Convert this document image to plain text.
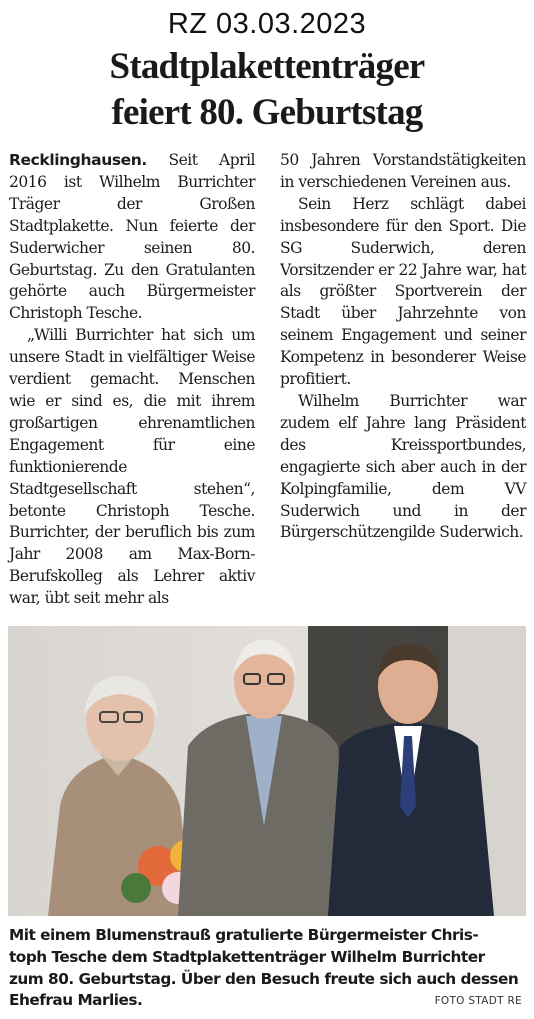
RZ 03.03.2023
Stadtplakettenträger
feiert 80. Geburtstag

Recklinghausen. Seit April 2016 ist Wilhelm Burrichter Träger der Großen Stadtplakette. Nun feierte der Suderwicher seinen 80. Geburtstag. Zu den Gratulanten gehörte auch Bürgermeister Christoph Tesche.

„Willi Burrichter hat sich um unsere Stadt in vielfältiger Weise verdient gemacht. Menschen wie er sind es, die mit ihrem großartigen ehrenamtlichen Engagement für eine funktionierende Stadtgesellschaft stehen“, betonte Christoph Tesche. Burrichter, der beruflich bis zum Jahr 2008 am Max-Born-Berufskolleg als Lehrer aktiv war, übt seit mehr als

50 Jahren Vorstandstätigkeiten in verschiedenen Vereinen aus.

Sein Herz schlägt dabei insbesondere für den Sport. Die SG Suderwich, deren Vorsitzender er 22 Jahre war, hat als größter Sportverein der Stadt über Jahrzehnte von seinem Engagement und seiner Kompetenz in besonderer Weise profitiert.

Wilhelm Burrichter war zudem elf Jahre lang Präsident des Kreissportbundes, engagierte sich aber auch in der Kolpingfamilie, dem VV Suderwich und in der Bürgerschützengilde Suderwich.

Mit einem Blumenstrauß gratulierte Bürgermeister Chris-
toph Tesche dem Stadtplakettenträger Wilhelm Burrichter
zum 80. Geburtstag. Über den Besuch freute sich auch dessen
Ehefrau Marlies.	FOTO STADT RE
